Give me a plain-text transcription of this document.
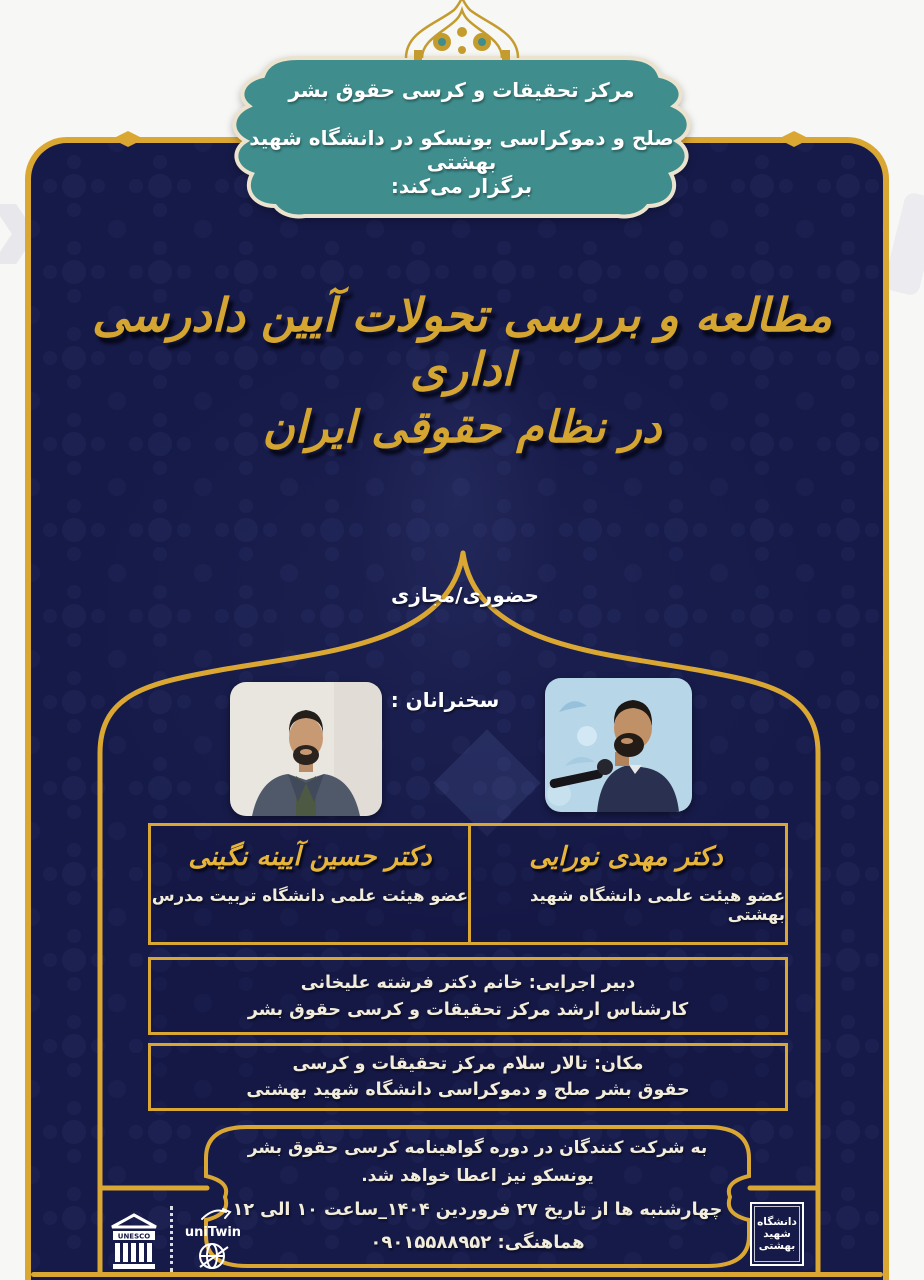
مرکز تحقیقات و کرسی حقوق بشر
صلح و دموکراسی یونسکو در دانشگاه شهید بهشتی
برگزار می‌کند:
مطالعه و بررسی تحولات آیین دادرسی اداری
در نظام حقوقی ایران
حضوری/مجازی
سخنرانان :
دکتر مهدی نورایی
عضو هیئت علمی دانشگاه شهید بهشتی
دکتر حسین آیینه نگینی
عضو هیئت علمی دانشگاه تربیت مدرس
دبیر اجرایی: خانم دکتر فرشته علیخانی
کارشناس ارشد مرکز تحقیقات و کرسی حقوق بشر
مکان: تالار سلام مرکز تحقیقات و کرسی
حقوق بشر صلح و دموکراسی دانشگاه شهید بهشتی
به شرکت کنندگان در دوره گواهینامه کرسی حقوق بشر
یونسکو نیز اعطا خواهد شد.
چهارشنبه ها از تاریخ ۲۷ فروردین ۱۴۰۴_ساعت ۱۰ الی ۱۲
هماهنگی: ۰۹۰۱۵۵۸۸۹۵۲
UNESCO	uniTwin
دانشگاه شهید بهشتی
